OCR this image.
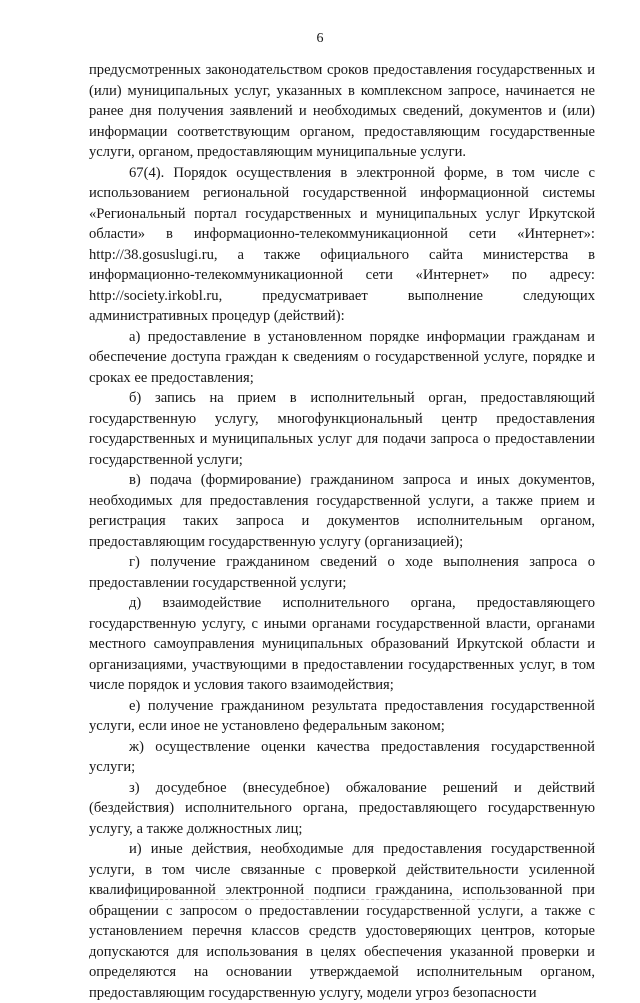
6

предусмотренных законодательством сроков предоставления государственных и (или) муниципальных услуг, указанных в комплексном запросе, начинается не ранее дня получения заявлений и необходимых сведений, документов и (или) информации соответствующим органом, предоставляющим государственные услуги, органом, предоставляющим муниципальные услуги.

67(4). Порядок осуществления в электронной форме, в том числе с использованием региональной государственной информационной системы «Региональный портал государственных и муниципальных услуг Иркутской области» в информационно-телекоммуникационной сети «Интернет»: http://38.gosuslugi.ru, а также официального сайта министерства в информационно-телекоммуникационной сети «Интернет» по адресу: http://society.irkobl.ru, предусматривает выполнение следующих административных процедур (действий):

а) предоставление в установленном порядке информации гражданам и обеспечение доступа граждан к сведениям о государственной услуге, порядке и сроках ее предоставления;

б) запись на прием в исполнительный орган, предоставляющий государственную услугу, многофункциональный центр предоставления государственных и муниципальных услуг для подачи запроса о предоставлении государственной услуги;

в) подача (формирование) гражданином запроса и иных документов, необходимых для предоставления государственной услуги, а также прием и регистрация таких запроса и документов исполнительным органом, предоставляющим государственную услугу (организацией);

г) получение гражданином сведений о ходе выполнения запроса о предоставлении государственной услуги;

д) взаимодействие исполнительного органа, предоставляющего государственную услугу, с иными органами государственной власти, органами местного самоуправления муниципальных образований Иркутской области и организациями, участвующими в предоставлении государственных услуг, в том числе порядок и условия такого взаимодействия;

е) получение гражданином результата предоставления государственной услуги, если иное не установлено федеральным законом;

ж) осуществление оценки качества предоставления государственной услуги;

з) досудебное (внесудебное) обжалование решений и действий (бездействия) исполнительного органа, предоставляющего государственную услугу, а также должностных лиц;

и) иные действия, необходимые для предоставления государственной услуги, в том числе связанные с проверкой действительности усиленной квалифицированной электронной подписи гражданина, использованной при обращении с запросом о предоставлении государственной услуги, а также с установлением перечня классов средств удостоверяющих центров, которые допускаются для использования в целях обеспечения указанной проверки и определяются на основании утверждаемой исполнительным органом, предоставляющим государственную услугу, модели угроз безопасности
